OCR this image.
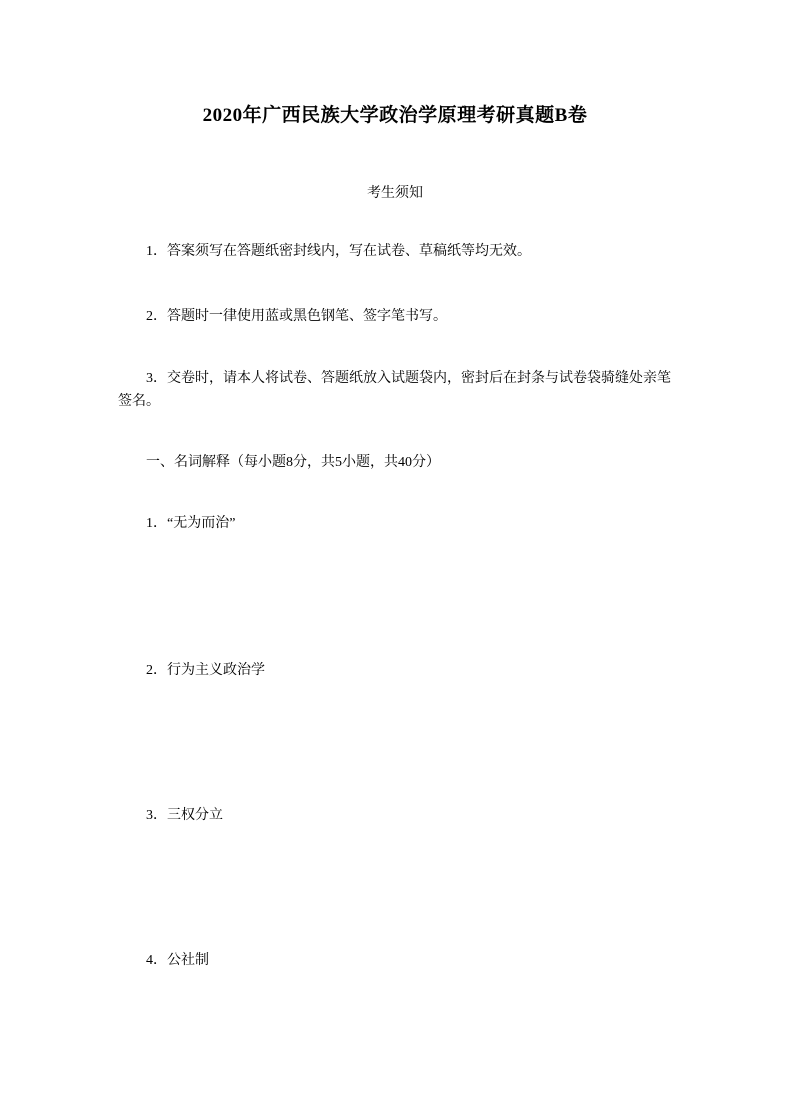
2020年广西民族大学政治学原理考研真题B卷
考生须知

1．答案须写在答题纸密封线内，写在试卷、草稿纸等均无效。

2．答题时一律使用蓝或黑色钢笔、签字笔书写。

3．交卷时，请本人将试卷、答题纸放入试题袋内，密封后在封条与试卷袋骑缝处亲笔签名。

一、名词解释（每小题8分，共5小题，共40分）

1．“无为而治”

2．行为主义政治学

3．三权分立

4．公社制
